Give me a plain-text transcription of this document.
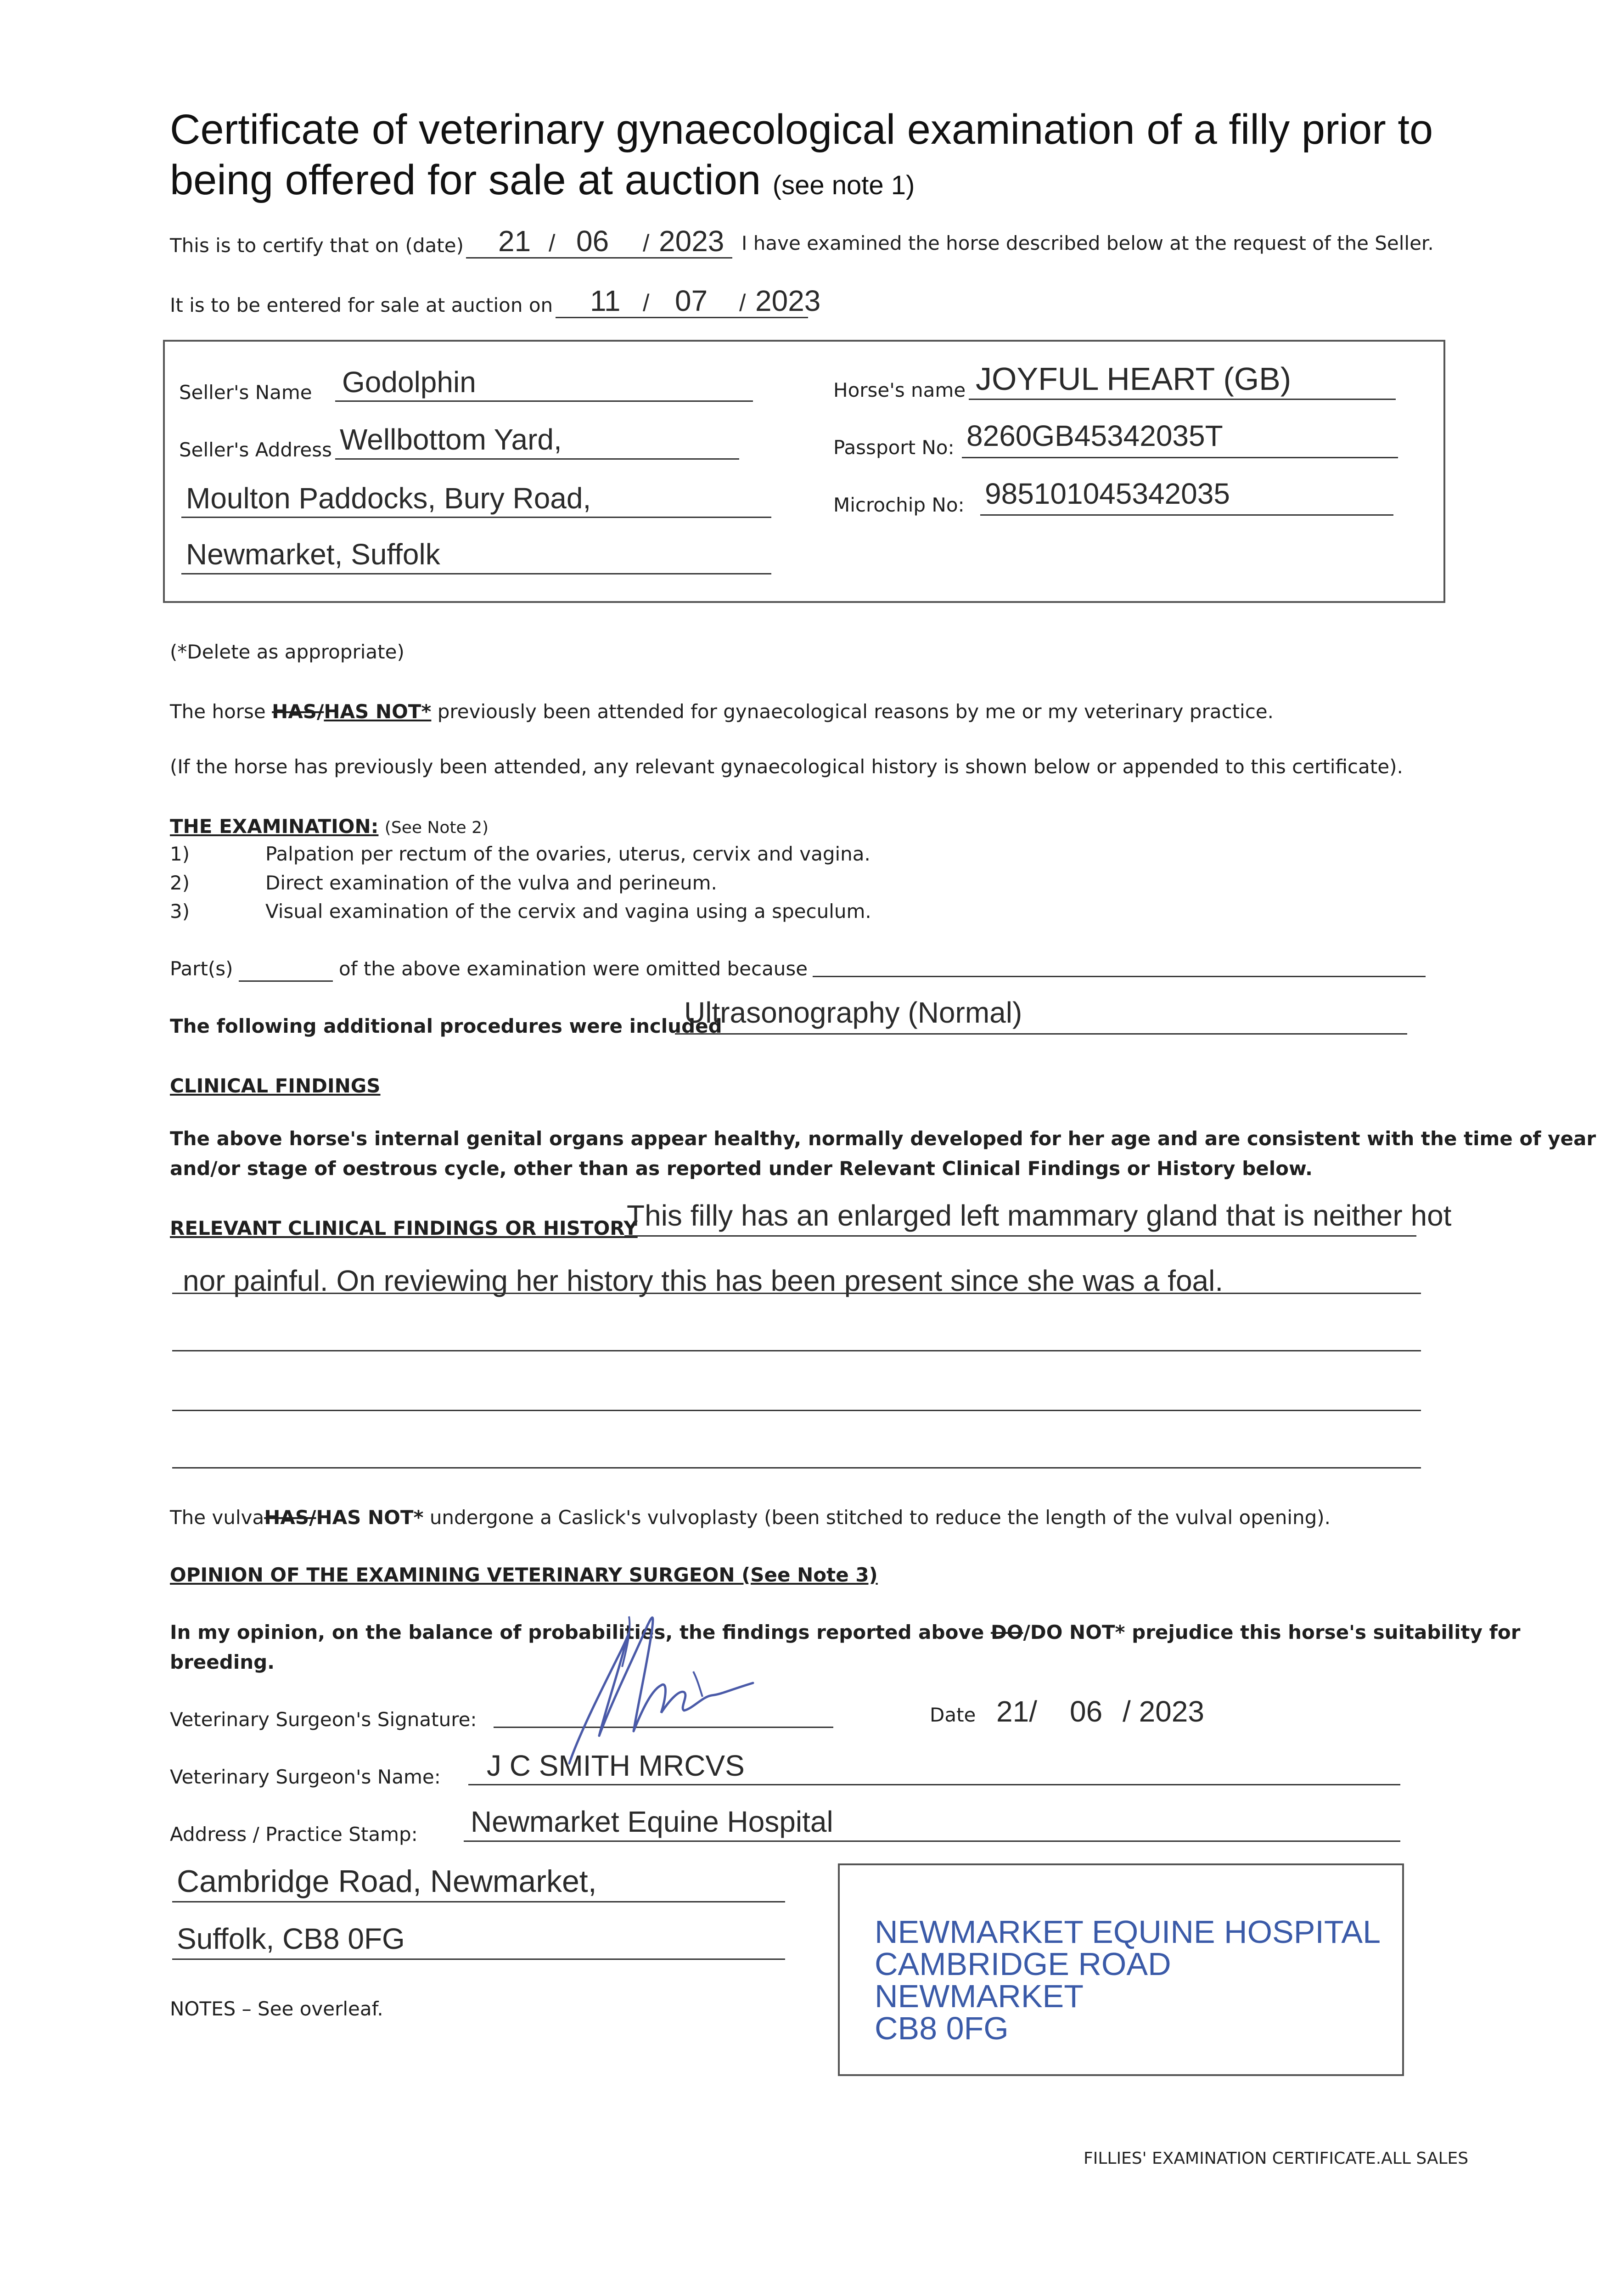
Certificate of veterinary gynaecological examination of a filly prior to
being offered for sale at auction (see note 1)
This is to certify that on (date) 21 / 06 / 2023 I have examined the horse described below at the request of the Seller.
It is to be entered for sale at auction on 11 / 07 / 2023
Seller's Name Godolphin
Seller's Address Wellbottom Yard,
Moulton Paddocks, Bury Road,
Newmarket, Suffolk
Horse's name JOYFUL HEART (GB)
Passport No: 8260GB45342035T
Microchip No: 985101045342035
(*Delete as appropriate)
The horse HAS/HAS NOT* previously been attended for gynaecological reasons by me or my veterinary practice.
(If the horse has previously been attended, any relevant gynaecological history is shown below or appended to this certificate).
THE EXAMINATION: (See Note 2)
1)	Palpation per rectum of the ovaries, uterus, cervix and vagina.
2)	Direct examination of the vulva and perineum.
3)	Visual examination of the cervix and vagina using a speculum.
Part(s)	of the above examination were omitted because
The following additional procedures were included
Ultrasonography (Normal)
CLINICAL FINDINGS
The above horse's internal genital organs appear healthy, normally developed for her age and are consistent with the time of year
and/or stage of oestrous cycle, other than as reported under Relevant Clinical Findings or History below.
RELEVANT CLINICAL FINDINGS OR HISTORY
This filly has an enlarged left mammary gland that is neither hot
nor painful. On reviewing her history this has been present since she was a foal.
The vulvaHAS/HAS NOT* undergone a Caslick's vulvoplasty (been stitched to reduce the length of the vulval opening).
OPINION OF THE EXAMINING VETERINARY SURGEON (See Note 3)
In my opinion, on the balance of probabilities, the findings reported above DO/DO NOT* prejudice this horse's suitability for
breeding.
Veterinary Surgeon's Signature:	Date 21/ 06 / 2023
Veterinary Surgeon's Name: J C SMITH MRCVS
Address / Practice Stamp: Newmarket Equine Hospital
Cambridge Road, Newmarket,
Suffolk, CB8 0FG	NEWMARKET EQUINE HOSPITAL
CAMBRIDGE ROAD
NEWMARKET
CB8 0FG
NOTES – See overleaf.
FILLIES' EXAMINATION CERTIFICATE.ALL SALES
